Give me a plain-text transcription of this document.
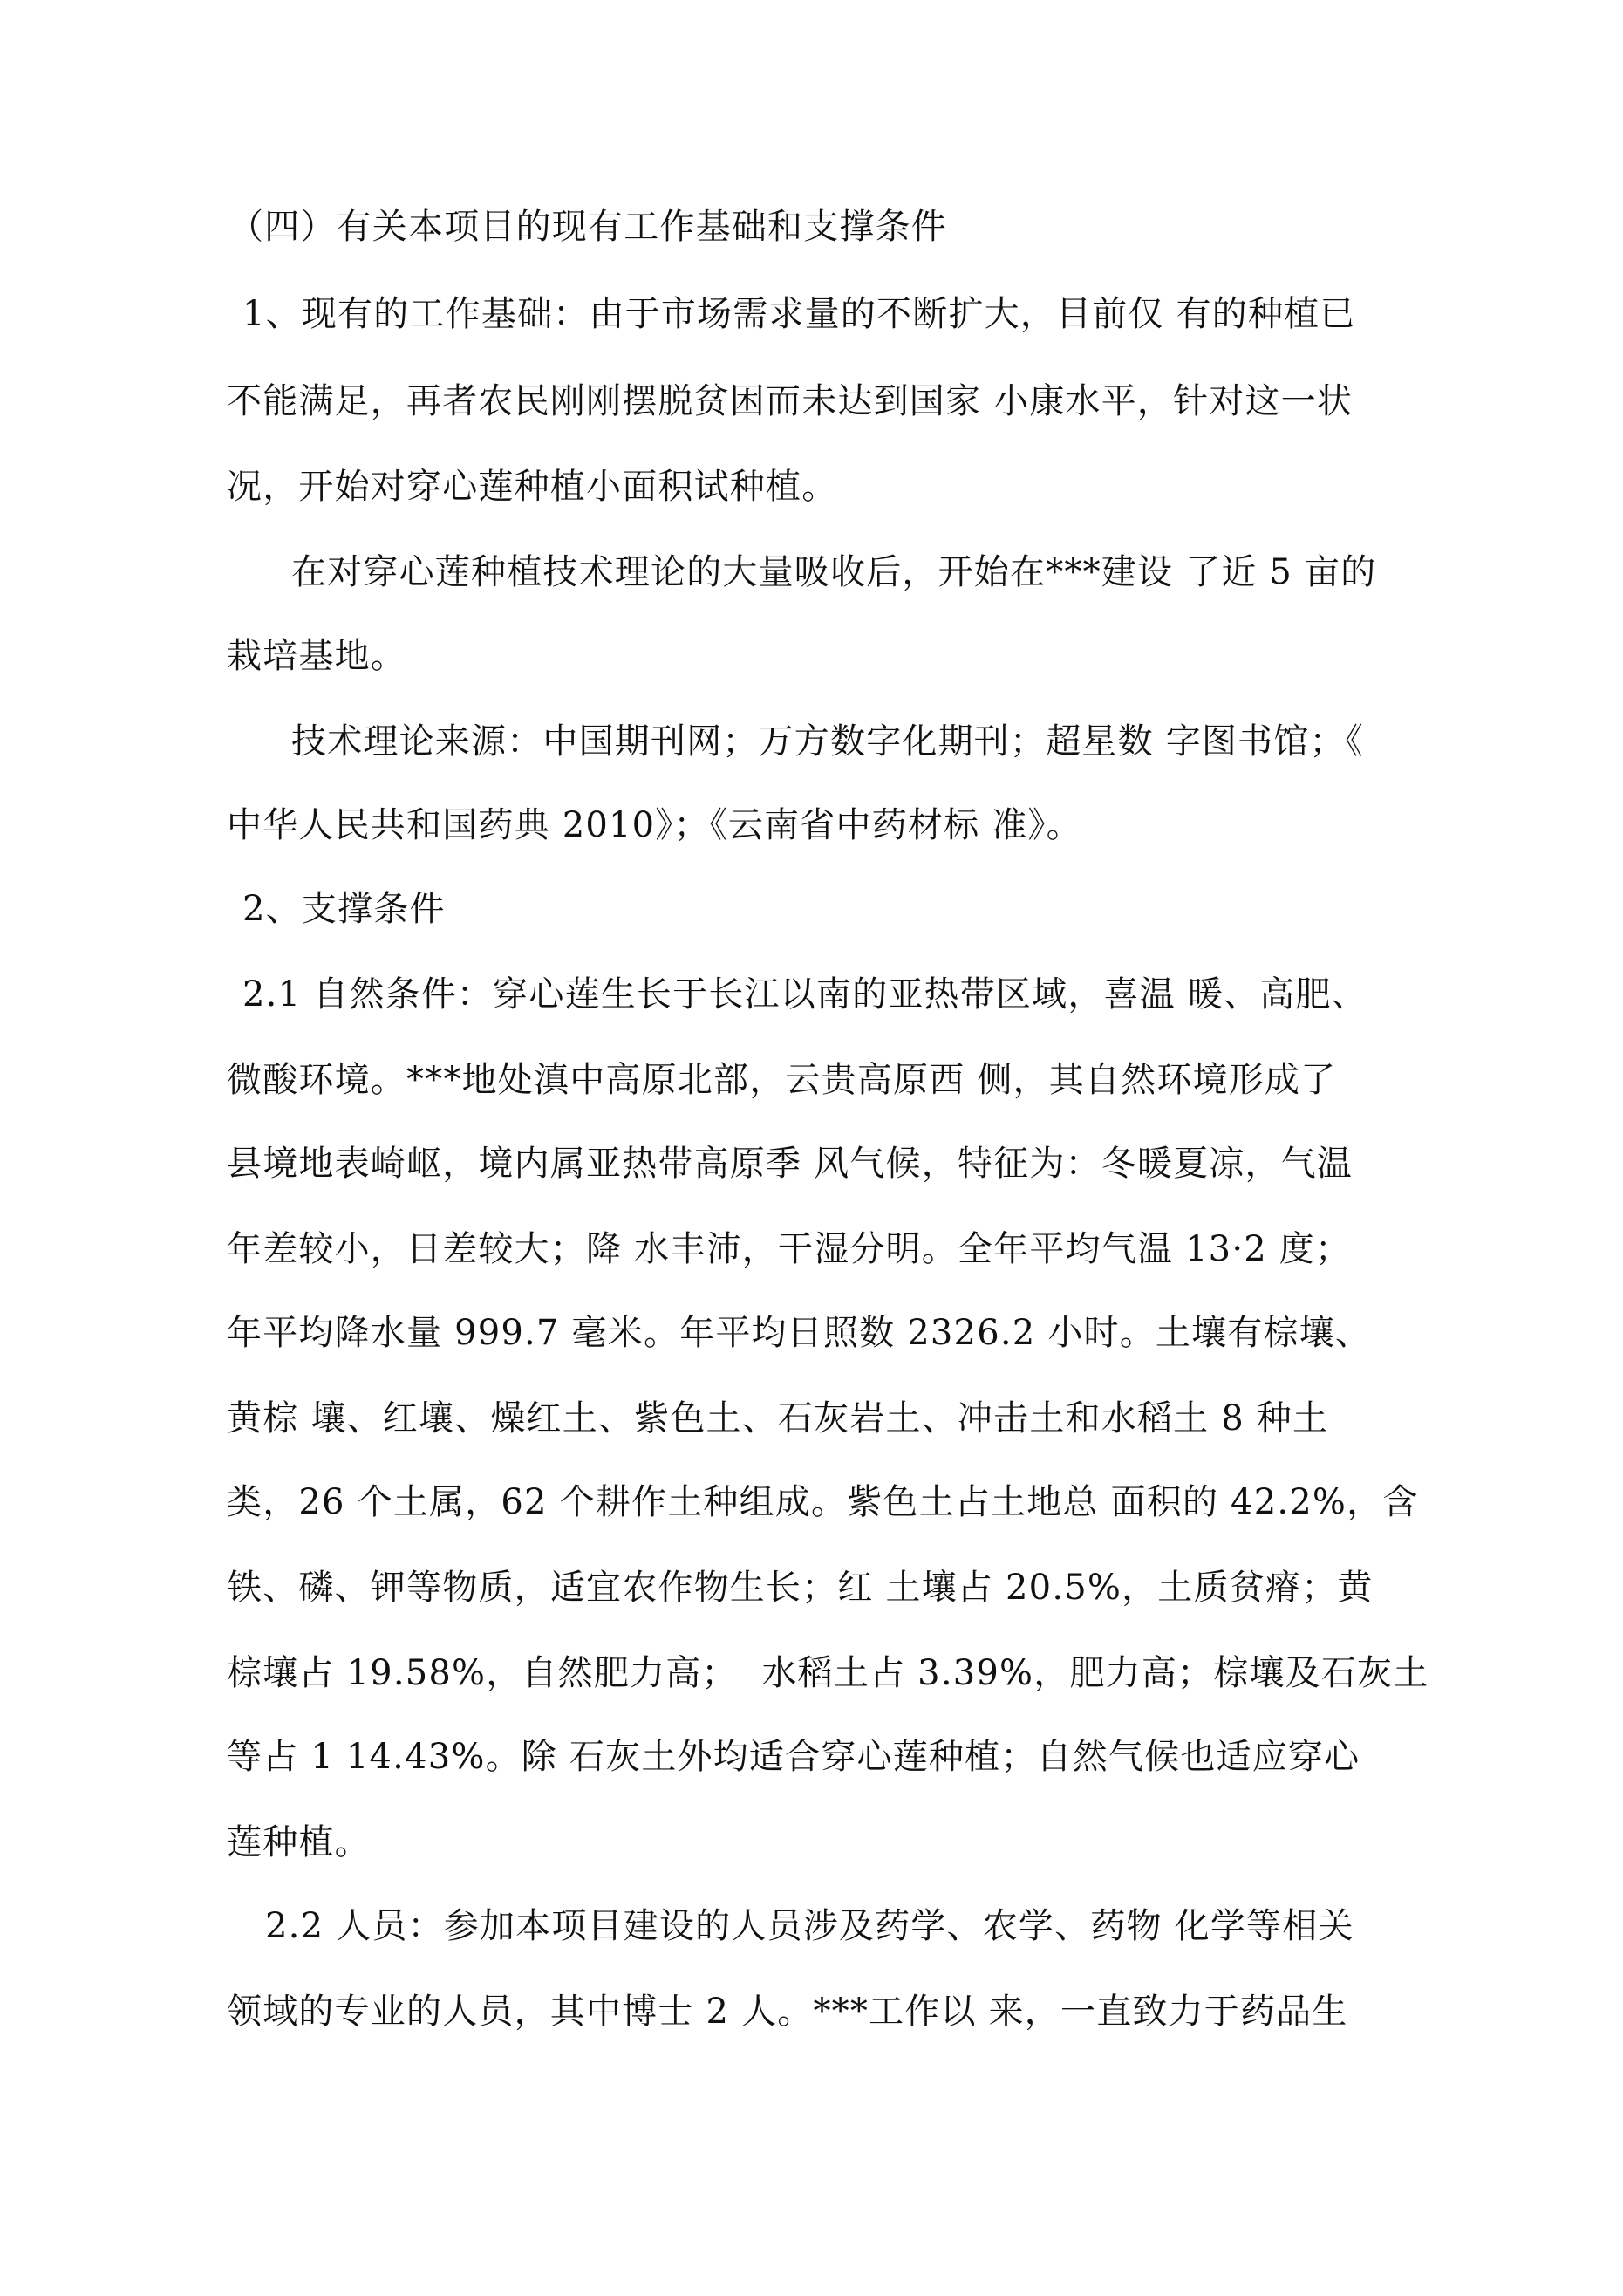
（四）有关本项目的现有工作基础和支撑条件
1、现有的工作基础：由于市场需求量的不断扩大，目前仅 有的种植已
不能满足，再者农民刚刚摆脱贫困而未达到国家 小康水平，针对这一状
况，开始对穿心莲种植小面积试种植。
在对穿心莲种植技术理论的大量吸收后，开始在***建设 了近 5 亩的
栽培基地。
技术理论来源：中国期刊网；万方数字化期刊；超星数 字图书馆；《
中华人民共和国药典 2010》；《云南省中药材标 准》。
2、支撑条件
2.1 自然条件：穿心莲生长于长江以南的亚热带区域，喜温 暖、高肥、
微酸环境。***地处滇中高原北部，云贵高原西 侧，其自然环境形成了
县境地表崎岖，境内属亚热带高原季 风气候，特征为：冬暖夏凉，气温
年差较小，日差较大；降 水丰沛，干湿分明。全年平均气温 13·2 度；
年平均降水量 999.7 毫米。年平均日照数 2326.2 小时。土壤有棕壤、
黄棕 壤、红壤、燥红土、紫色土、石灰岩土、冲击土和水稻土 8 种土
类，26 个土属，62 个耕作土种组成。紫色土占土地总 面积的 42.2%，含
铁、磷、钾等物质，适宜农作物生长；红 土壤占 20.5%，土质贫瘠；黄
棕壤占 19.58%，自然肥力高；  水稻土占 3.39%，肥力高；棕壤及石灰土
等占 1 14.43%。除 石灰土外均适合穿心莲种植；自然气候也适应穿心
莲种植。
2.2 人员：参加本项目建设的人员涉及药学、农学、药物 化学等相关
领域的专业的人员，其中博士 2 人。***工作以 来，一直致力于药品生
